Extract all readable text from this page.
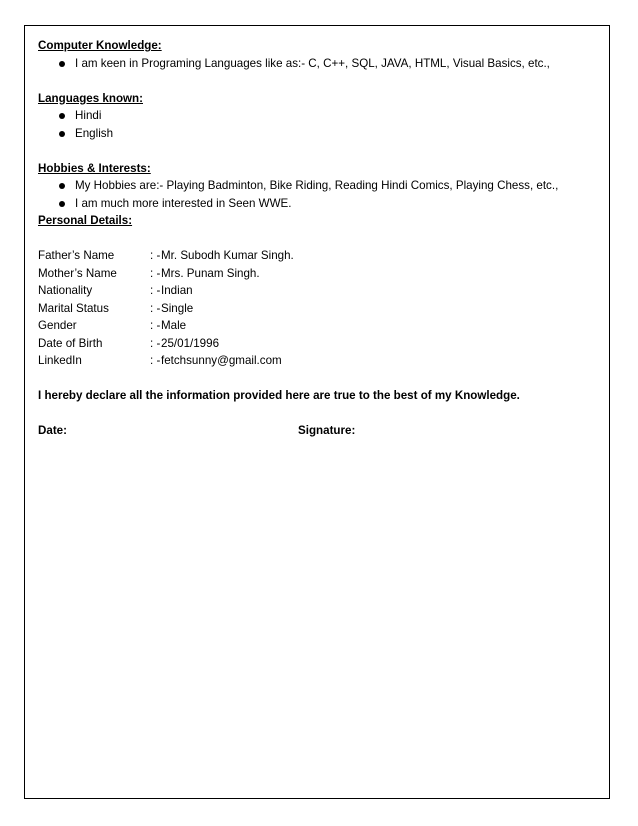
Computer Knowledge:

I am keen in Programing Languages like as:- C, C++, SQL, JAVA, HTML, Visual Basics, etc.,

Languages known:

Hindi
English

Hobbies & Interests:

My Hobbies are:- Playing Badminton, Bike Riding, Reading Hindi Comics, Playing Chess, etc.,
I am much more interested in Seen WWE.

Personal Details:

Father’s Name	: - Mr. Subodh Kumar Singh.
Mother’s Name	: - Mrs. Punam Singh.
Nationality	: - Indian
Marital Status	: - Single
Gender	: - Male
Date of Birth	: - 25/01/1996
LinkedIn	: - fetchsunny@gmail.com

I hereby declare all the information provided here are true to the best of my Knowledge.

Date:	Signature:
